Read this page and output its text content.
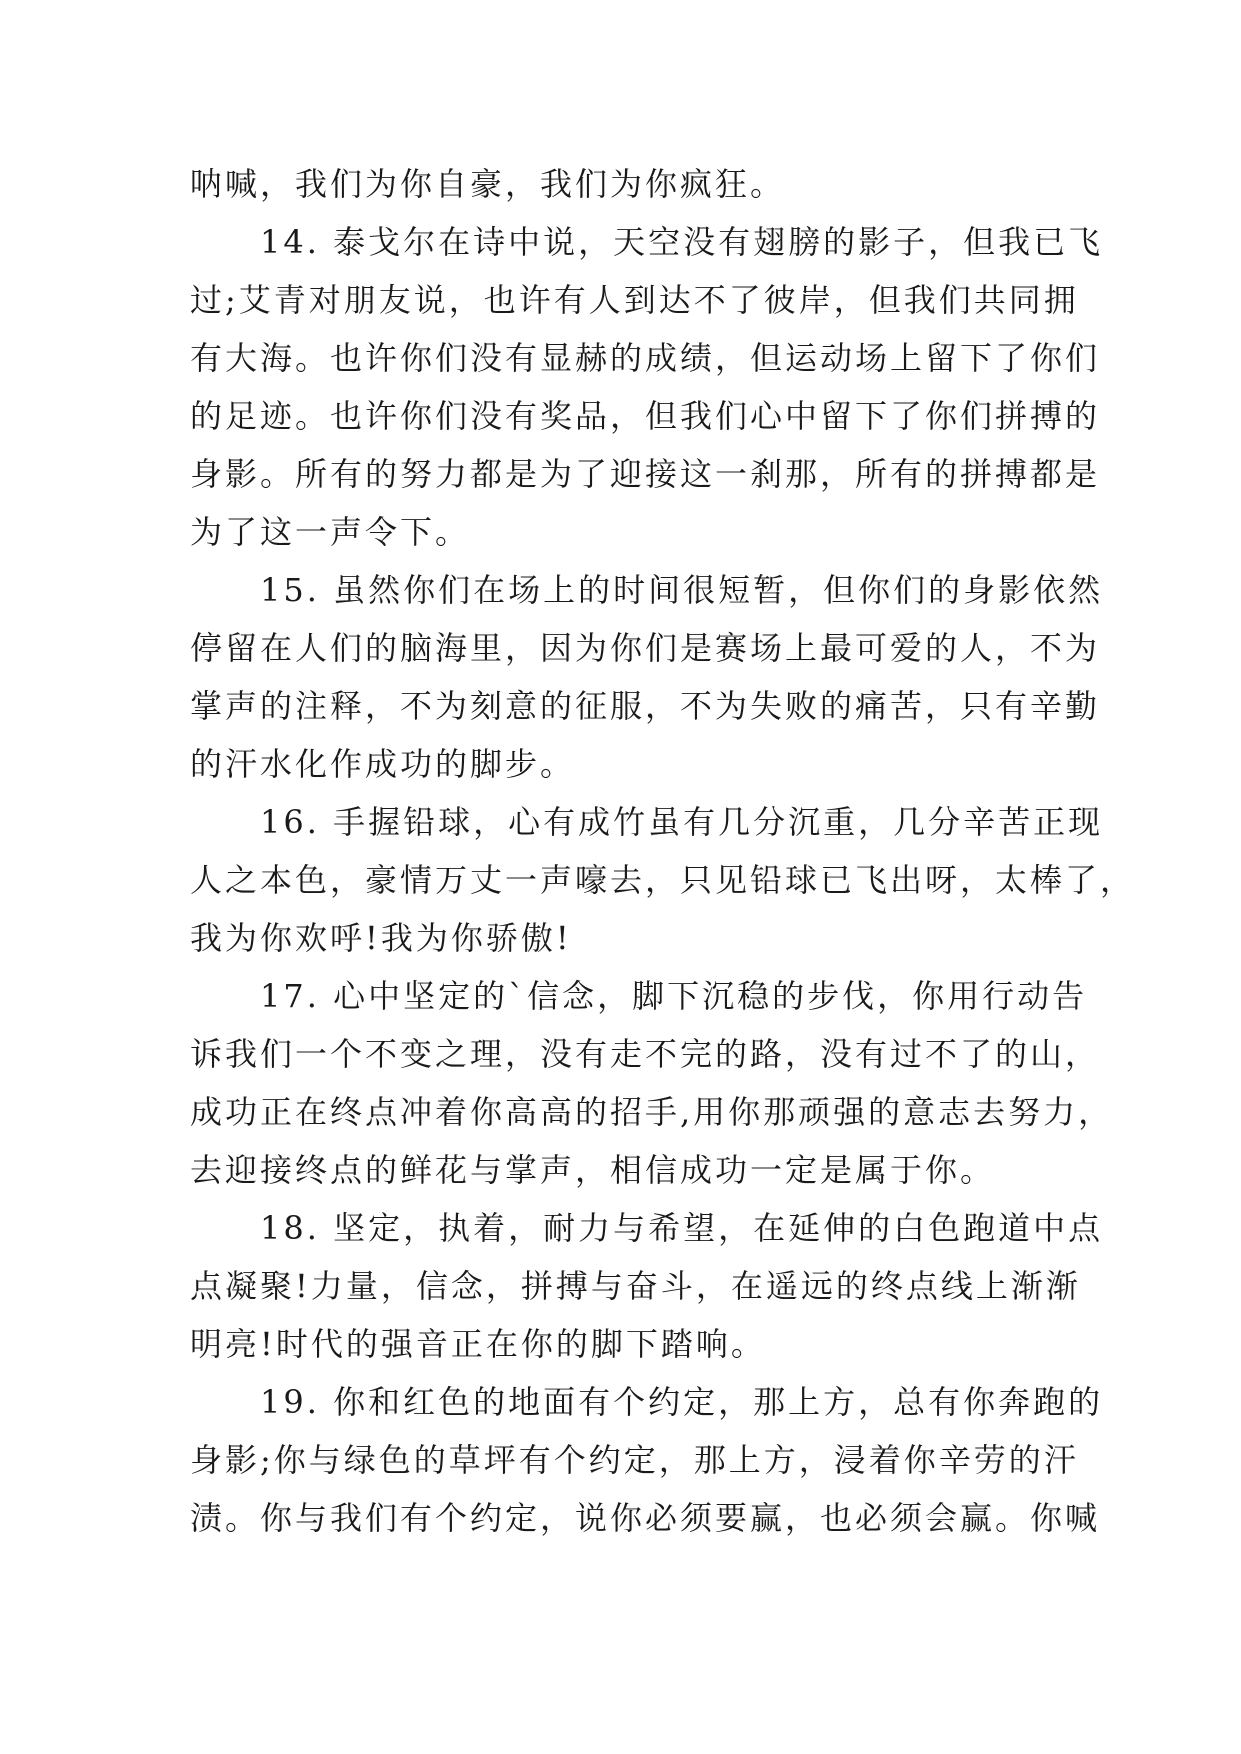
呐喊，我们为你自豪，我们为你疯狂。
14. 泰戈尔在诗中说，天空没有翅膀的影子，但我已飞
过;艾青对朋友说，也许有人到达不了彼岸，但我们共同拥
有大海。也许你们没有显赫的成绩，但运动场上留下了你们
的足迹。也许你们没有奖品，但我们心中留下了你们拼搏的
身影。所有的努力都是为了迎接这一刹那，所有的拼搏都是
为了这一声令下。
15. 虽然你们在场上的时间很短暂，但你们的身影依然
停留在人们的脑海里，因为你们是赛场上最可爱的人，不为
掌声的注释，不为刻意的征服，不为失败的痛苦，只有辛勤
的汗水化作成功的脚步。
16. 手握铅球，心有成竹虽有几分沉重，几分辛苦正现
人之本色，豪情万丈一声嚎去，只见铅球已飞出呀，太棒了，
我为你欢呼!我为你骄傲!
17. 心中坚定的`信念，脚下沉稳的步伐，你用行动告
诉我们一个不变之理，没有走不完的路，没有过不了的山，
成功正在终点冲着你高高的招手,用你那顽强的意志去努力，
去迎接终点的鲜花与掌声，相信成功一定是属于你。
18. 坚定，执着，耐力与希望，在延伸的白色跑道中点
点凝聚!力量，信念，拼搏与奋斗，在遥远的终点线上渐渐
明亮!时代的强音正在你的脚下踏响。
19. 你和红色的地面有个约定，那上方，总有你奔跑的
身影;你与绿色的草坪有个约定，那上方，浸着你辛劳的汗
渍。你与我们有个约定，说你必须要赢，也必须会赢。你喊
